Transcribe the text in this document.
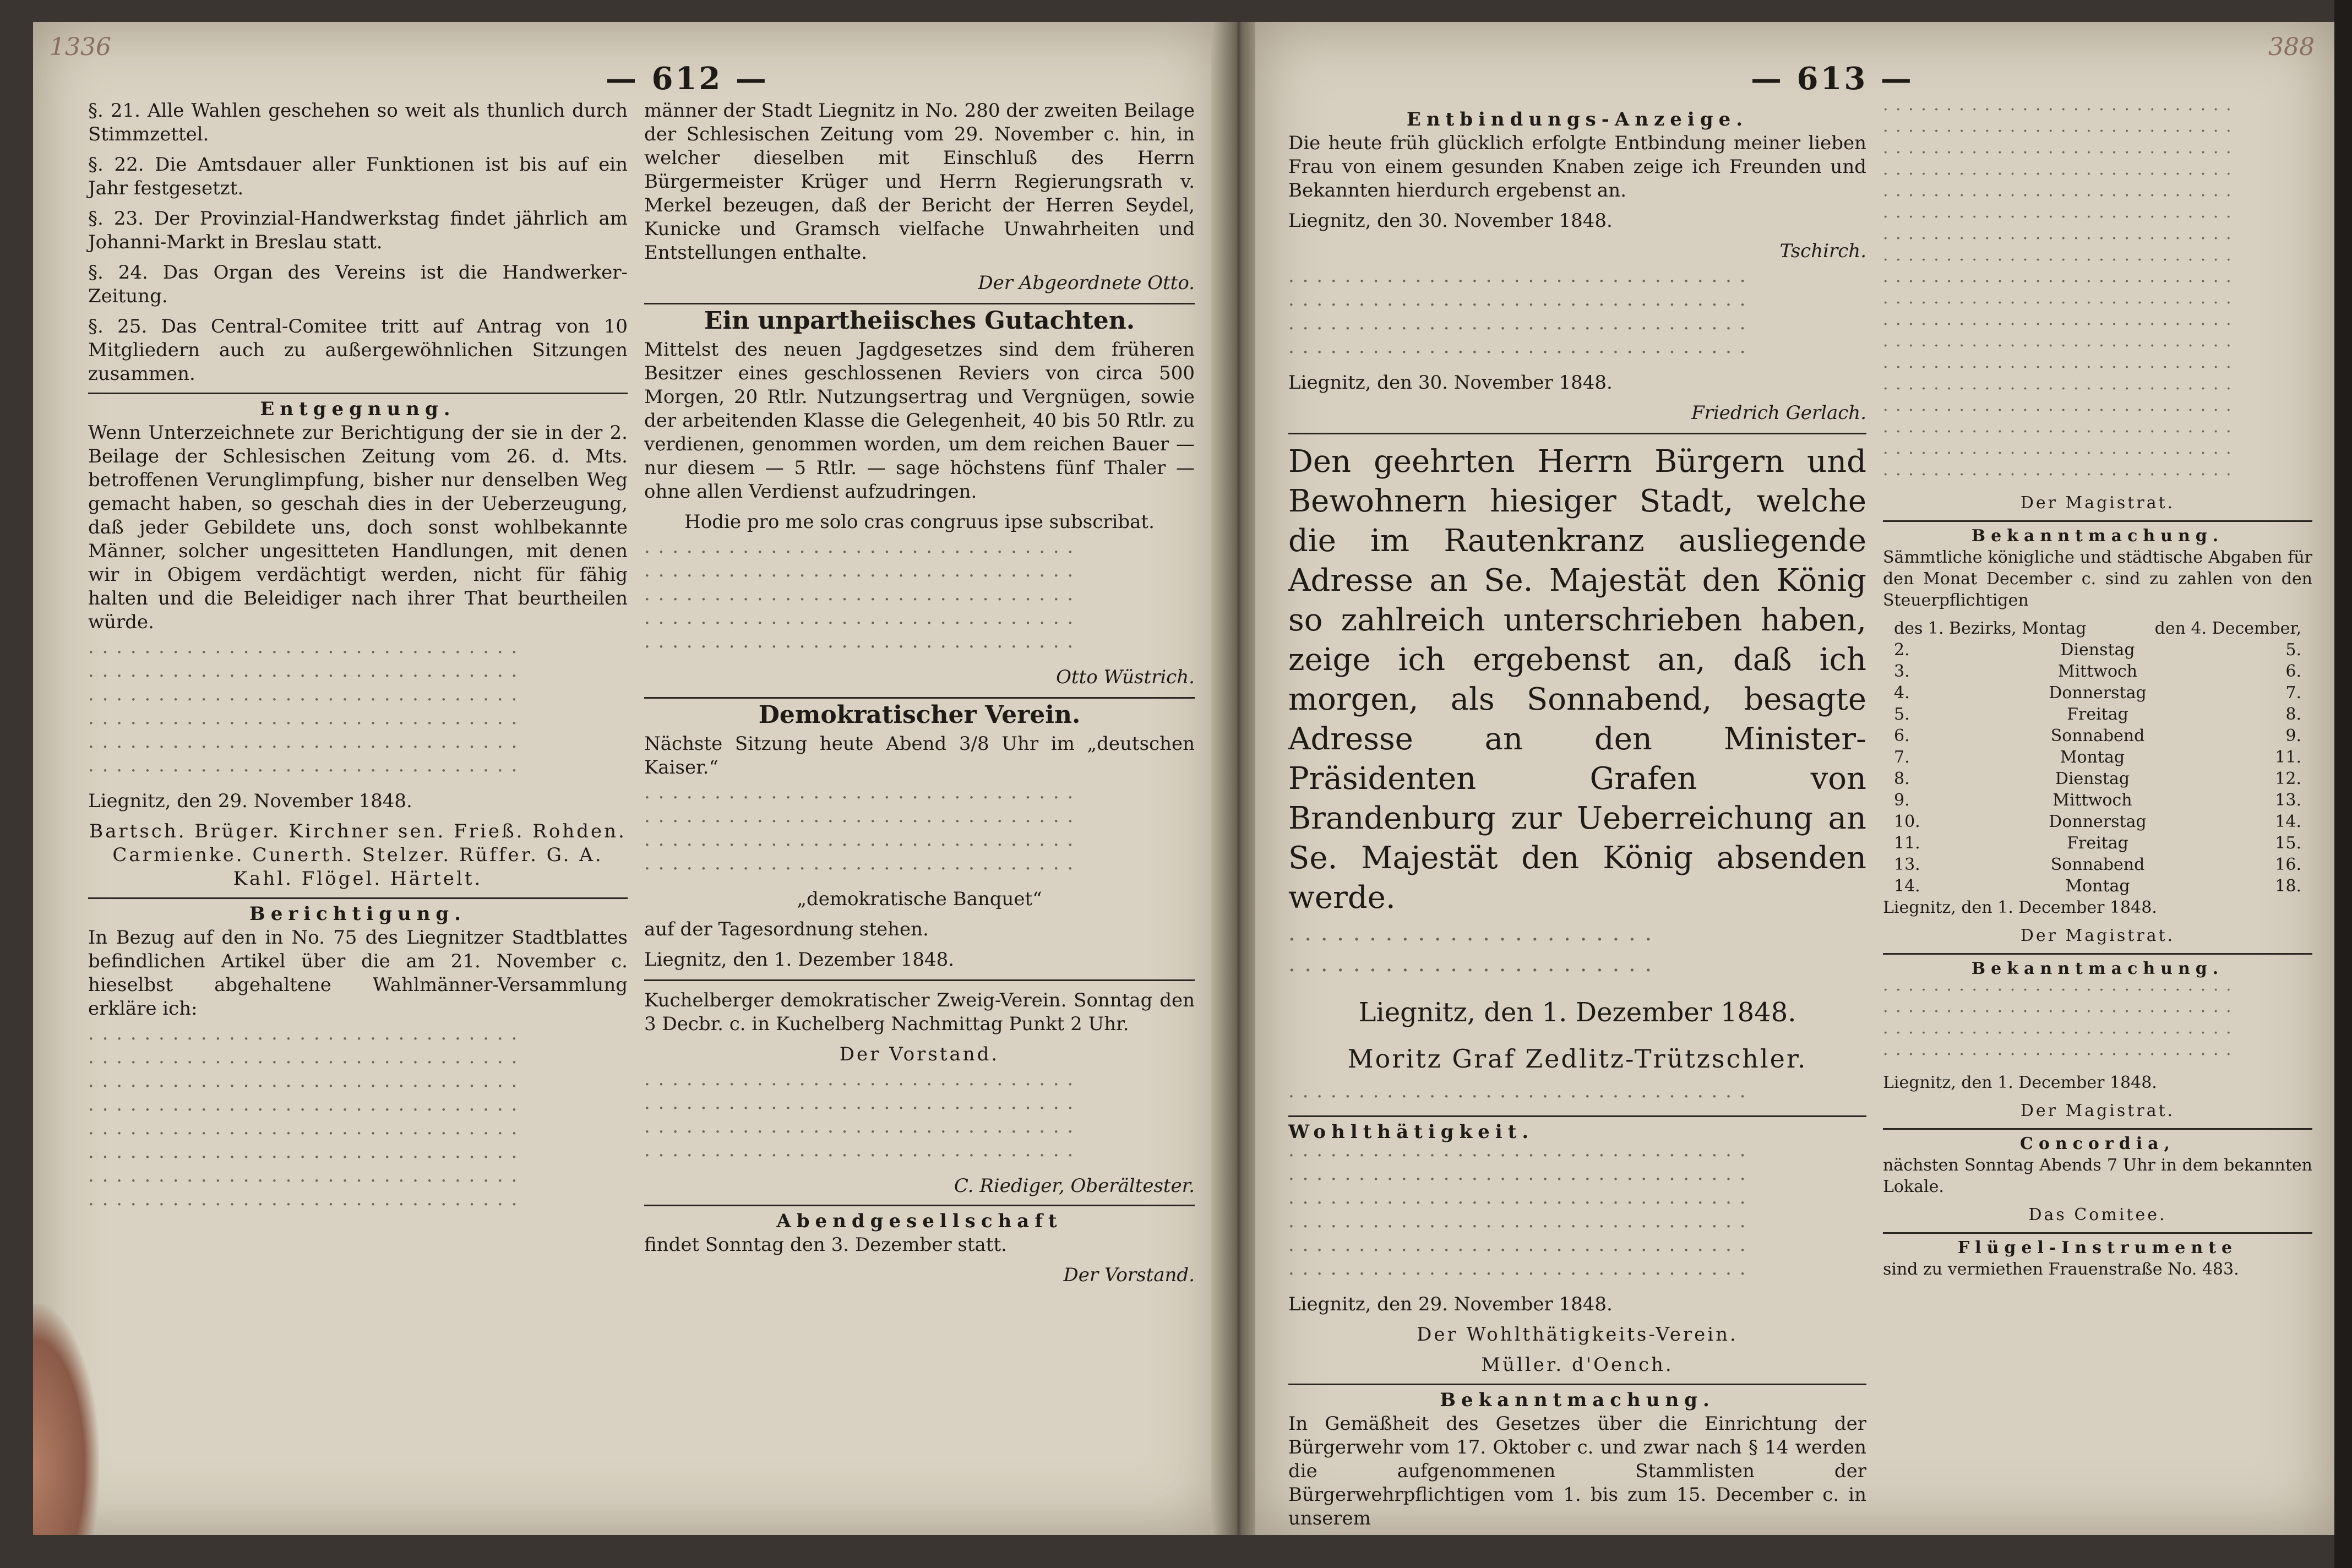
1336
— 612 —
§. 21. Alle Wahlen geschehen so weit als thunlich durch Stimmzettel.
§. 22. Die Amtsdauer aller Funktionen ist bis auf ein Jahr festgesetzt.
§. 23. Der Provinzial-Handwerkstag findet jährlich am Johanni-Markt in Breslau statt.
§. 24. Das Organ des Vereins ist die Handwerker-Zeitung.
§. 25. Das Central-Comitee tritt auf Antrag von 10 Mitgliedern auch zu außergewöhnlichen Sitzungen zusammen.
Entgegnung.
Wenn Unterzeichnete zur Berichtigung der sie in der 2. Beilage der Schlesischen Zeitung vom 26. d. Mts. betroffenen Verunglimpfung, bisher nur denselben Weg gemacht haben, so geschah dies in der Ueberzeugung, daß jeder Gebildete uns, doch sonst wohlbekannte Männer, solcher ungesitteten Handlungen, mit denen wir in Obigem verdächtigt werden, nicht für fähig halten und die Beleidiger nach ihrer That beurtheilen würde.
· · · · · · · · · · · · · · · · · · · · · · · · · · · · · · ·
· · · · · · · · · · · · · · · · · · · · · · · · · · · · · · ·
· · · · · · · · · · · · · · · · · · · · · · · · · · · · · · ·
· · · · · · · · · · · · · · · · · · · · · · · · · · · · · · ·
· · · · · · · · · · · · · · · · · · · · · · · · · · · · · · ·
· · · · · · · · · · · · · · · · · · · · · · · · · · · · · · ·
Liegnitz, den 29. November 1848.
Bartsch. Brüger. Kirchner sen. Frieß. Rohden. Carmienke. Cunerth. Stelzer. Rüffer. G. A. Kahl. Flögel. Härtelt.
Berichtigung.
In Bezug auf den in No. 75 des Liegnitzer Stadtblattes befindlichen Artikel über die am 21. November c. hieselbst abgehaltene Wahlmänner-Versammlung erkläre ich:
· · · · · · · · · · · · · · · · · · · · · · · · · · · · · · ·
· · · · · · · · · · · · · · · · · · · · · · · · · · · · · · ·
· · · · · · · · · · · · · · · · · · · · · · · · · · · · · · ·
· · · · · · · · · · · · · · · · · · · · · · · · · · · · · · ·
· · · · · · · · · · · · · · · · · · · · · · · · · · · · · · ·
· · · · · · · · · · · · · · · · · · · · · · · · · · · · · · ·
· · · · · · · · · · · · · · · · · · · · · · · · · · · · · · ·
· · · · · · · · · · · · · · · · · · · · · · · · · · · · · · ·
männer der Stadt Liegnitz in No. 280 der zweiten Beilage der Schlesischen Zeitung vom 29. November c. hin, in welcher dieselben mit Einschluß des Herrn Bürgermeister Krüger und Herrn Regierungsrath v. Merkel bezeugen, daß der Bericht der Herren Seydel, Kunicke und Gramsch vielfache Unwahrheiten und Entstellungen enthalte.
Der Abgeordnete Otto.
Ein unpartheiisches Gutachten.
Mittelst des neuen Jagdgesetzes sind dem früheren Besitzer eines geschlossenen Reviers von circa 500 Morgen, 20 Rtlr. Nutzungsertrag und Vergnügen, sowie der arbeitenden Klasse die Gelegenheit, 40 bis 50 Rtlr. zu verdienen, genommen worden, um dem reichen Bauer — nur diesem — 5 Rtlr. — sage höchstens fünf Thaler — ohne allen Verdienst aufzudringen.
Hodie pro me solo cras congruus ipse subscribat.
· · · · · · · · · · · · · · · · · · · · · · · · · · · · · · ·
· · · · · · · · · · · · · · · · · · · · · · · · · · · · · · ·
· · · · · · · · · · · · · · · · · · · · · · · · · · · · · · ·
· · · · · · · · · · · · · · · · · · · · · · · · · · · · · · ·
· · · · · · · · · · · · · · · · · · · · · · · · · · · · · · ·
Otto Wüstrich.
Demokratischer Verein.
Nächste Sitzung heute Abend 3/8 Uhr im „deutschen Kaiser.“
· · · · · · · · · · · · · · · · · · · · · · · · · · · · · · ·
· · · · · · · · · · · · · · · · · · · · · · · · · · · · · · ·
· · · · · · · · · · · · · · · · · · · · · · · · · · · · · · ·
· · · · · · · · · · · · · · · · · · · · · · · · · · · · · · ·
„demokratische Banquet“
auf der Tagesordnung stehen.
Liegnitz, den 1. Dezember 1848.
Kuchelberger demokratischer Zweig-Verein. Sonntag den 3 Decbr. c. in Kuchelberg Nachmittag Punkt 2 Uhr.
Der Vorstand.
· · · · · · · · · · · · · · · · · · · · · · · · · · · · · · ·
· · · · · · · · · · · · · · · · · · · · · · · · · · · · · · ·
· · · · · · · · · · · · · · · · · · · · · · · · · · · · · · ·
· · · · · · · · · · · · · · · · · · · · · · · · · · · · · · ·
C. Riediger, Oberältester.
Abendgesellschaft
findet Sonntag den 3. Dezember statt.
Der Vorstand.
— 613 —
388
Entbindungs-Anzeige.
Die heute früh glücklich erfolgte Entbindung meiner lieben Frau von einem gesunden Knaben zeige ich Freunden und Bekannten hierdurch ergebenst an.
Liegnitz, den 30. November 1848.
Tschirch.
· · · · · · · · · · · · · · · · · · · · · · · · · · · · · · · · ·
· · · · · · · · · · · · · · · · · · · · · · · · · · · · · · · · ·
· · · · · · · · · · · · · · · · · · · · · · · · · · · · · · · · ·
· · · · · · · · · · · · · · · · · · · · · · · · · · · · · · · · ·
Liegnitz, den 30. November 1848.
Friedrich Gerlach.
Den geehrten Herrn Bürgern und Bewohnern hiesiger Stadt, welche die im Rautenkranz ausliegende Adresse an Se. Majestät den König so zahlreich unterschrieben haben, zeige ich ergebenst an, daß ich morgen, als Sonnabend, besagte Adresse an den Minister-Präsidenten Grafen von Brandenburg zur Ueberreichung an Se. Majestät den König absenden werde.
· · · · · · · · · · · · · · · · · · · · · · ·
· · · · · · · · · · · · · · · · · · · · · · ·
Liegnitz, den 1. Dezember 1848.
Moritz Graf Zedlitz-Trützschler.
· · · · · · · · · · · · · · · · · · · · · · · · · · · · · · · · ·
Wohlthätigkeit.
· · · · · · · · · · · · · · · · · · · · · · · · · · · · · · · · ·
· · · · · · · · · · · · · · · · · · · · · · · · · · · · · · · · ·
· · · · · · · · · · · · · · · · · · · · · · · · · · · · · · · · ·
· · · · · · · · · · · · · · · · · · · · · · · · · · · · · · · · ·
· · · · · · · · · · · · · · · · · · · · · · · · · · · · · · · · ·
· · · · · · · · · · · · · · · · · · · · · · · · · · · · · · · · ·
Liegnitz, den 29. November 1848.
Der Wohlthätigkeits-Verein.
Müller. d'Oench.
Bekanntmachung.
In Gemäßheit des Gesetzes über die Einrichtung der Bürgerwehr vom 17. Oktober c. und zwar nach § 14 werden die aufgenommenen Stammlisten der Bürgerwehrpflichtigen vom 1. bis zum 15. December c. in unserem
· · · · · · · · · · · · · · · · · · · · · · · · · · · ·
· · · · · · · · · · · · · · · · · · · · · · · · · · · ·
· · · · · · · · · · · · · · · · · · · · · · · · · · · ·
· · · · · · · · · · · · · · · · · · · · · · · · · · · ·
· · · · · · · · · · · · · · · · · · · · · · · · · · · ·
· · · · · · · · · · · · · · · · · · · · · · · · · · · ·
· · · · · · · · · · · · · · · · · · · · · · · · · · · ·
· · · · · · · · · · · · · · · · · · · · · · · · · · · ·
· · · · · · · · · · · · · · · · · · · · · · · · · · · ·
· · · · · · · · · · · · · · · · · · · · · · · · · · · ·
· · · · · · · · · · · · · · · · · · · · · · · · · · · ·
· · · · · · · · · · · · · · · · · · · · · · · · · · · ·
· · · · · · · · · · · · · · · · · · · · · · · · · · · ·
· · · · · · · · · · · · · · · · · · · · · · · · · · · ·
· · · · · · · · · · · · · · · · · · · · · · · · · · · ·
· · · · · · · · · · · · · · · · · · · · · · · · · · · ·
· · · · · · · · · · · · · · · · · · · · · · · · · · · ·
· · · · · · · · · · · · · · · · · · · · · · · · · · · ·
Der Magistrat.
Bekanntmachung.
Sämmtliche königliche und städtische Abgaben für den Monat December c. sind zu zahlen von den Steuerpflichtigen
des 1. Bezirks, Montag	den 4. December,
2.	Dienstag	5.
3.	Mittwoch	6.
4.	Donnerstag	7.
5.	Freitag	8.
6.	Sonnabend	9.
7.	Montag	11.
8.	Dienstag	12.
9.	Mittwoch	13.
10.	Donnerstag	14.
11.	Freitag	15.
13.	Sonnabend	16.
14.	Montag	18.
Liegnitz, den 1. December 1848.
Der Magistrat.
Bekanntmachung.
· · · · · · · · · · · · · · · · · · · · · · · · · · · ·
· · · · · · · · · · · · · · · · · · · · · · · · · · · ·
· · · · · · · · · · · · · · · · · · · · · · · · · · · ·
· · · · · · · · · · · · · · · · · · · · · · · · · · · ·
Liegnitz, den 1. December 1848.
Der Magistrat.
Concordia,
nächsten Sonntag Abends 7 Uhr in dem bekannten Lokale.
Das Comitee.
Flügel-Instrumente
sind zu vermiethen Frauenstraße No. 483.
